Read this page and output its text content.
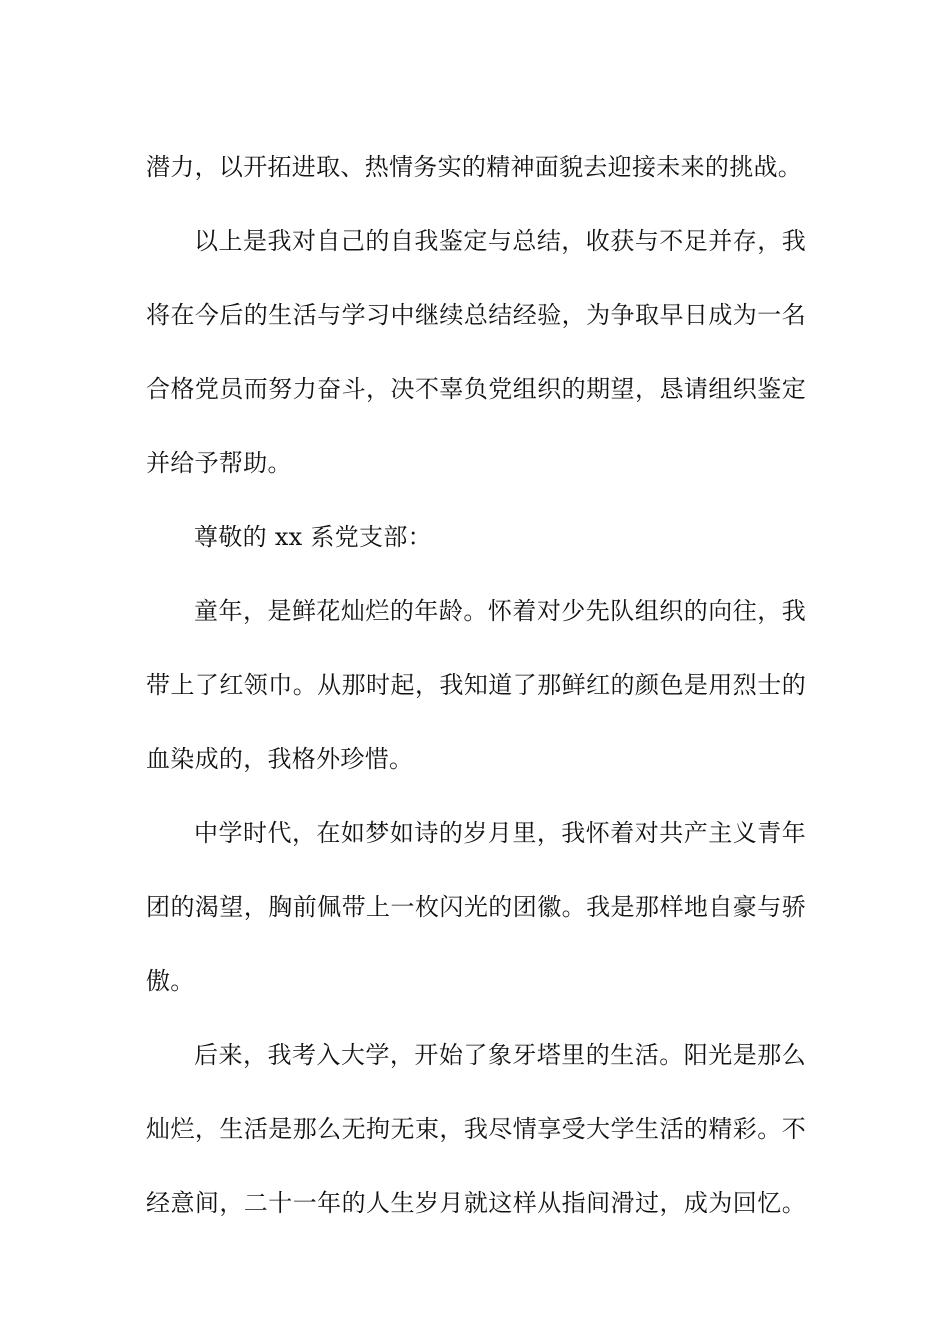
潜力，以开拓进取、热情务实的精神面貌去迎接未来的挑战。
以上是我对自己的自我鉴定与总结，收获与不足并存，我
将在今后的生活与学习中继续总结经验，为争取早日成为一名
合格党员而努力奋斗，决不辜负党组织的期望，恳请组织鉴定
并给予帮助。
尊敬的 xx 系党支部：
童年，是鲜花灿烂的年龄。怀着对少先队组织的向往，我
带上了红领巾。从那时起，我知道了那鲜红的颜色是用烈士的
血染成的，我格外珍惜。
中学时代，在如梦如诗的岁月里，我怀着对共产主义青年
团的渴望，胸前佩带上一枚闪光的团徽。我是那样地自豪与骄
傲。
后来，我考入大学，开始了象牙塔里的生活。阳光是那么
灿烂，生活是那么无拘无束，我尽情享受大学生活的精彩。不
经意间，二十一年的人生岁月就这样从指间滑过，成为回忆。
